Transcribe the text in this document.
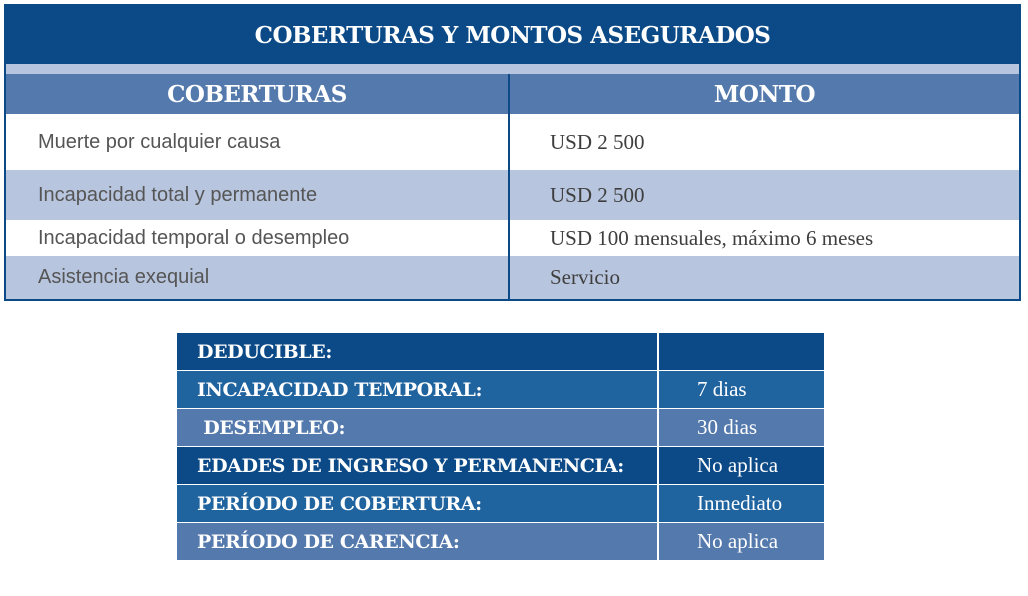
COBERTURAS Y MONTOS ASEGURADOS
COBERTURAS	MONTO
Muerte por cualquier causa	USD 2 500
Incapacidad total y permanente	USD 2 500
Incapacidad temporal o desempleo	USD 100 mensuales, máximo 6 meses
Asistencia exequial	Servicio
DEDUCIBLE:
INCAPACIDAD TEMPORAL:	7 dias
DESEMPLEO:	30 dias
EDADES DE INGRESO Y PERMANENCIA:	No aplica
PERÍODO DE COBERTURA:	Inmediato
PERÍODO DE CARENCIA:	No aplica
